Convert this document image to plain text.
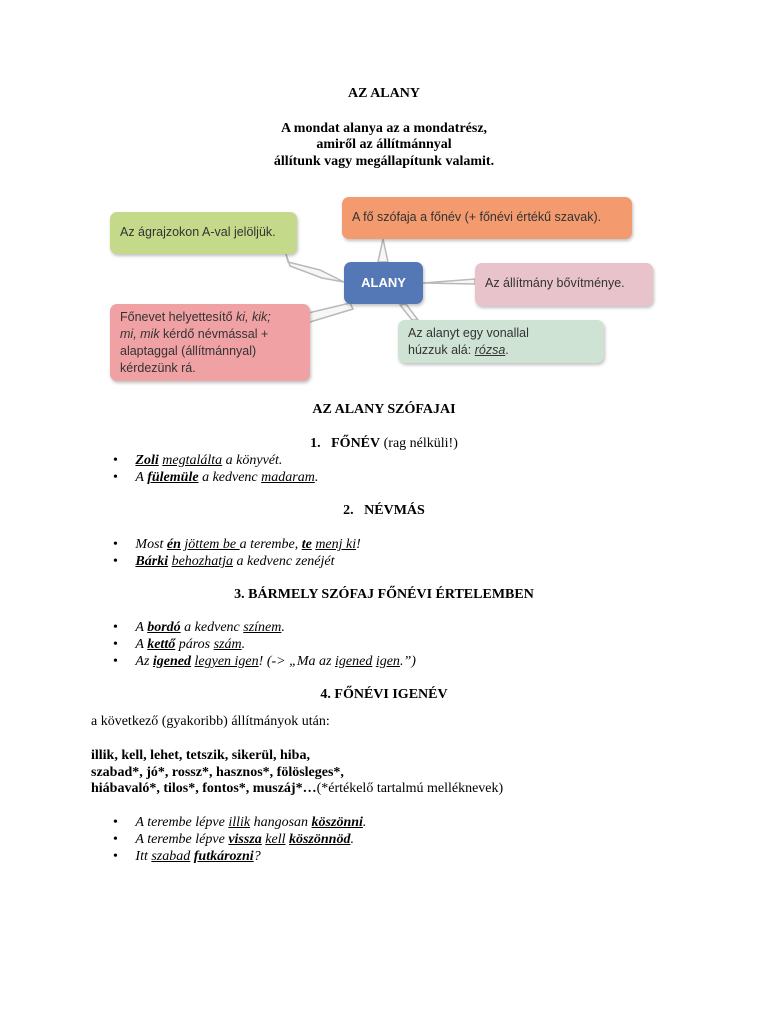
AZ ALANY
A mondat alanya az a mondatrész,
amiről az állítmánnyal
állítunk vagy megállapítunk valamit.
Az ágrajzokon A-val jelöljük.
A fő szófaja a főnév (+ főnévi értékű szavak).
ALANY	Az állítmány bővítménye.
Főnevet helyettesítő ki, kik;
mi, mik kérdő névmással +
alaptaggal (állítmánnyal)
kérdezünk rá.
Az alanyt egy vonallal
húzzuk alá: rózsa.
AZ ALANY SZÓFAJAI
1. FŐNÉV (rag nélküli!)
•     Zoli megtalálta a könyvét.
•     A fülemüle a kedvenc madaram.
2. NÉVMÁS
•     Most én jöttem be a terembe, te menj ki!
•     Bárki behozhatja a kedvenc zenéjét
3. BÁRMELY SZÓFAJ FŐNÉVI ÉRTELEMBEN
•     A bordó a kedvenc színem.
•     A kettő páros szám.
•     Az igened legyen igen! (-> „Ma az igened igen.”)
4. FŐNÉVI IGENÉV
a következő (gyakoribb) állítmányok után:
illik, kell, lehet, tetszik, sikerül, hiba,
szabad*, jó*, rossz*, hasznos*, fölösleges*,
hiábavaló*, tilos*, fontos*, muszáj*…(*értékelő tartalmú melléknevek)
•     A terembe lépve illik hangosan köszönni.
•     A terembe lépve vissza kell köszönnöd.
•     Itt szabad futkározni?
